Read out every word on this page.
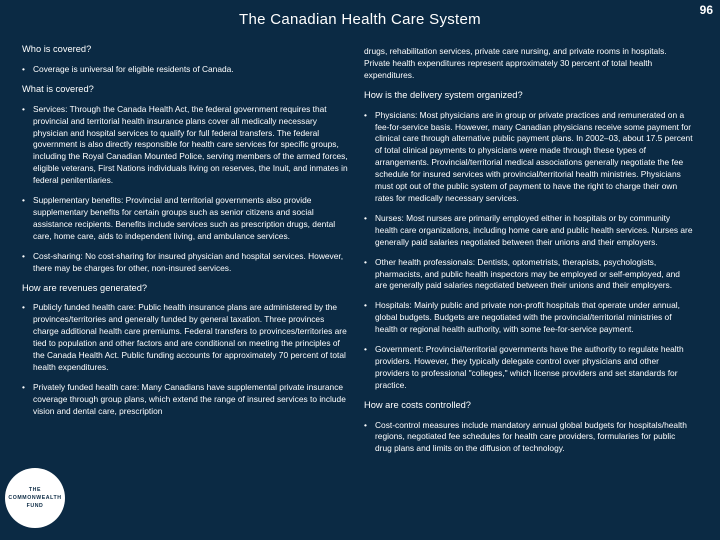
96
The Canadian Health Care System
Who is covered?
• Coverage is universal for eligible residents of Canada.
What is covered?
• Services: Through the Canada Health Act, the federal government requires that provincial and territorial health insurance plans cover all medically necessary physician and hospital services to qualify for full federal transfers. The federal government is also directly responsible for health care services for specific groups, including the Royal Canadian Mounted Police, serving members of the armed forces, eligible veterans, First Nations individuals living on reserves, the Inuit, and inmates in federal penitentiaries.
• Supplementary benefits: Provincial and territorial governments also provide supplementary benefits for certain groups such as senior citizens and social assistance recipients. Benefits include services such as prescription drugs, dental care, home care, aids to independent living, and ambulance services.
• Cost-sharing: No cost-sharing for insured physician and hospital services. However, there may be charges for other, non-insured services.
How are revenues generated?
• Publicly funded health care: Public health insurance plans are administered by the provinces/territories and generally funded by general taxation. Three provinces charge additional health care premiums. Federal transfers to provinces/territories are tied to population and other factors and are conditional on meeting the principles of the Canada Health Act. Public funding accounts for approximately 70 percent of total health expenditures.
• Privately funded health care: Many Canadians have supplemental private insurance coverage through group plans, which extend the range of insured services to include vision and dental care, prescription
drugs, rehabilitation services, private care nursing, and private rooms in hospitals. Private health expenditures represent approximately 30 percent of total health expenditures.
How is the delivery system organized?
• Physicians: Most physicians are in group or private practices and remunerated on a fee-for-service basis. However, many Canadian physicians receive some payment for clinical care through alternative public payment plans. In 2002–03, about 17.5 percent of total clinical payments to physicians were made through these types of arrangements. Provincial/territorial medical associations generally negotiate the fee schedule for insured services with provincial/territorial health ministries. Physicians must opt out of the public system of payment to have the right to charge their own rates for medically necessary services.
• Nurses: Most nurses are primarily employed either in hospitals or by community health care organizations, including home care and public health services. Nurses are generally paid salaries negotiated between their unions and their employers.
• Other health professionals: Dentists, optometrists, therapists, psychologists, pharmacists, and public health inspectors may be employed or self-employed, and are generally paid salaries negotiated between their unions and their employers.
• Hospitals: Mainly public and private non-profit hospitals that operate under annual, global budgets. Budgets are negotiated with the provincial/territorial ministries of health or regional health authority, with some fee-for-service payment.
• Government: Provincial/territorial governments have the authority to regulate health providers. However, they typically delegate control over physicians and other providers to professional "colleges," which license providers and set standards for practice.
How are costs controlled?
• Cost-control measures include mandatory annual global budgets for hospitals/health regions, negotiated fee schedules for health care providers, formularies for public drug plans and limits on the diffusion of technology.
THE
COMMONWEALTH
FUND
